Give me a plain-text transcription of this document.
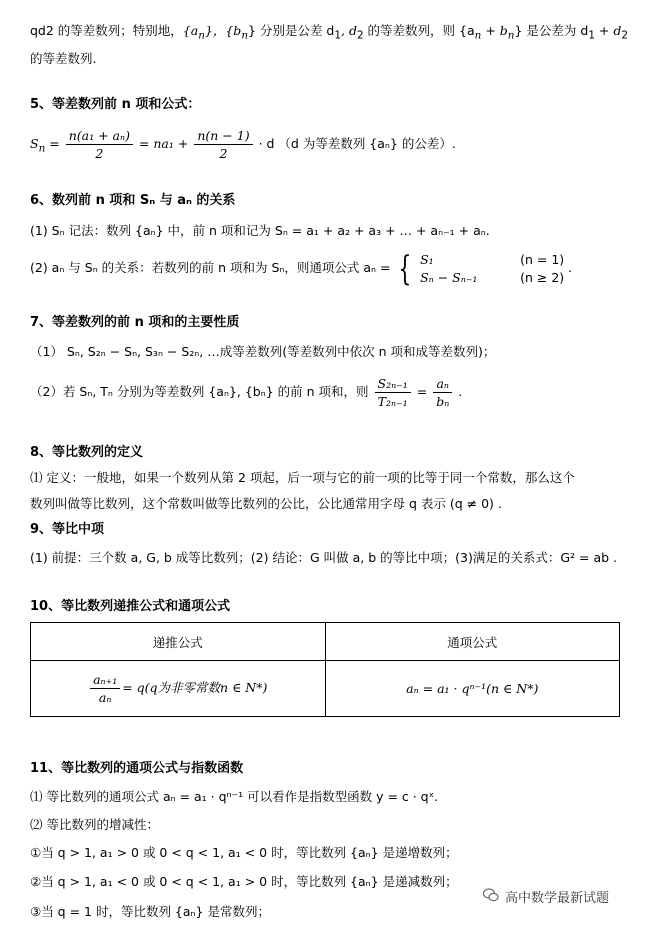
qd2 的等差数列；特别地，$\{a_n\}$，$\{b_n\}$ 分别是公差 $d_1$, $d_2$ 的等差数列，则 $\{a_n + b_n\}$ 是公差为 $d_1 + d_2$
的等差数列.
5、等差数列前 n 项和公式：
$S_n = \frac{\text{n(a₁ + aₙ)}}{2} = na_1 + \frac{n(n - 1)}{2} \cdot d$ （d 为等差数列 {aₙ} 的公差）.
6、数列前 n 项和 Sₙ 与 aₙ 的关系
(1) Sₙ 记法：数列 {aₙ} 中，前 n 项和记为 Sₙ = a₁ + a₂ + a₃ + … + aₙ₋₁ + aₙ.
(2) aₙ 与 Sₙ 的关系：若数列的前 n 项和为 Sₙ，则通项公式 aₙ = { S₁	(n = 1)
Sₙ − Sₙ₋₁	(n ≥ 2)
.
7、等差数列的前 n 项和的主要性质
（1） Sₙ, S₂ₙ − Sₙ, S₃ₙ − S₂ₙ, …成等差数列(等差数列中依次 n 项和成等差数列)；
（2）若 Sₙ, Tₙ 分别为等差数列 {aₙ}, {bₙ} 的前 n 项和，则 $\frac{\text{S₂ₙ₋₁}}{\text{T₂ₙ₋₁}} = \frac{\text{aₙ}}{\text{bₙ}}$ .
8、等比数列的定义
⑴ 定义：一般地，如果一个数列从第 2 项起，后一项与它的前一项的比等于同一个常数，那么这个
数列叫做等比数列，这个常数叫做等比数列的公比，公比通常用字母 q 表示 (q ≠ 0) .
9、等比中项
(1) 前提：三个数 a, G, b 成等比数列；(2) 结论：G 叫做 a, b 的等比中项；(3)满足的关系式：G² = ab .
10、等比数列递推公式和通项公式
递推公式	通项公式

$\frac{\text{aₙ₊₁}}{\text{aₙ}} = q(q$为非零常数n ∈ N*)	aₙ = a₁ · qⁿ⁻¹(n ∈ N*)
11、等比数列的通项公式与指数函数
⑴ 等比数列的通项公式 aₙ = a₁ · qⁿ⁻¹ 可以看作是指数型函数 y = c · qˣ.
⑵ 等比数列的增减性：
①当 q > 1, a₁ > 0 或 0 < q < 1, a₁ < 0 时，等比数列 {aₙ} 是递增数列；
②当 q > 1, a₁ < 0 或 0 < q < 1, a₁ > 0 时，等比数列 {aₙ} 是递减数列；
③当 q = 1 时，等比数列 {aₙ} 是常数列；
高中数学最新试题
